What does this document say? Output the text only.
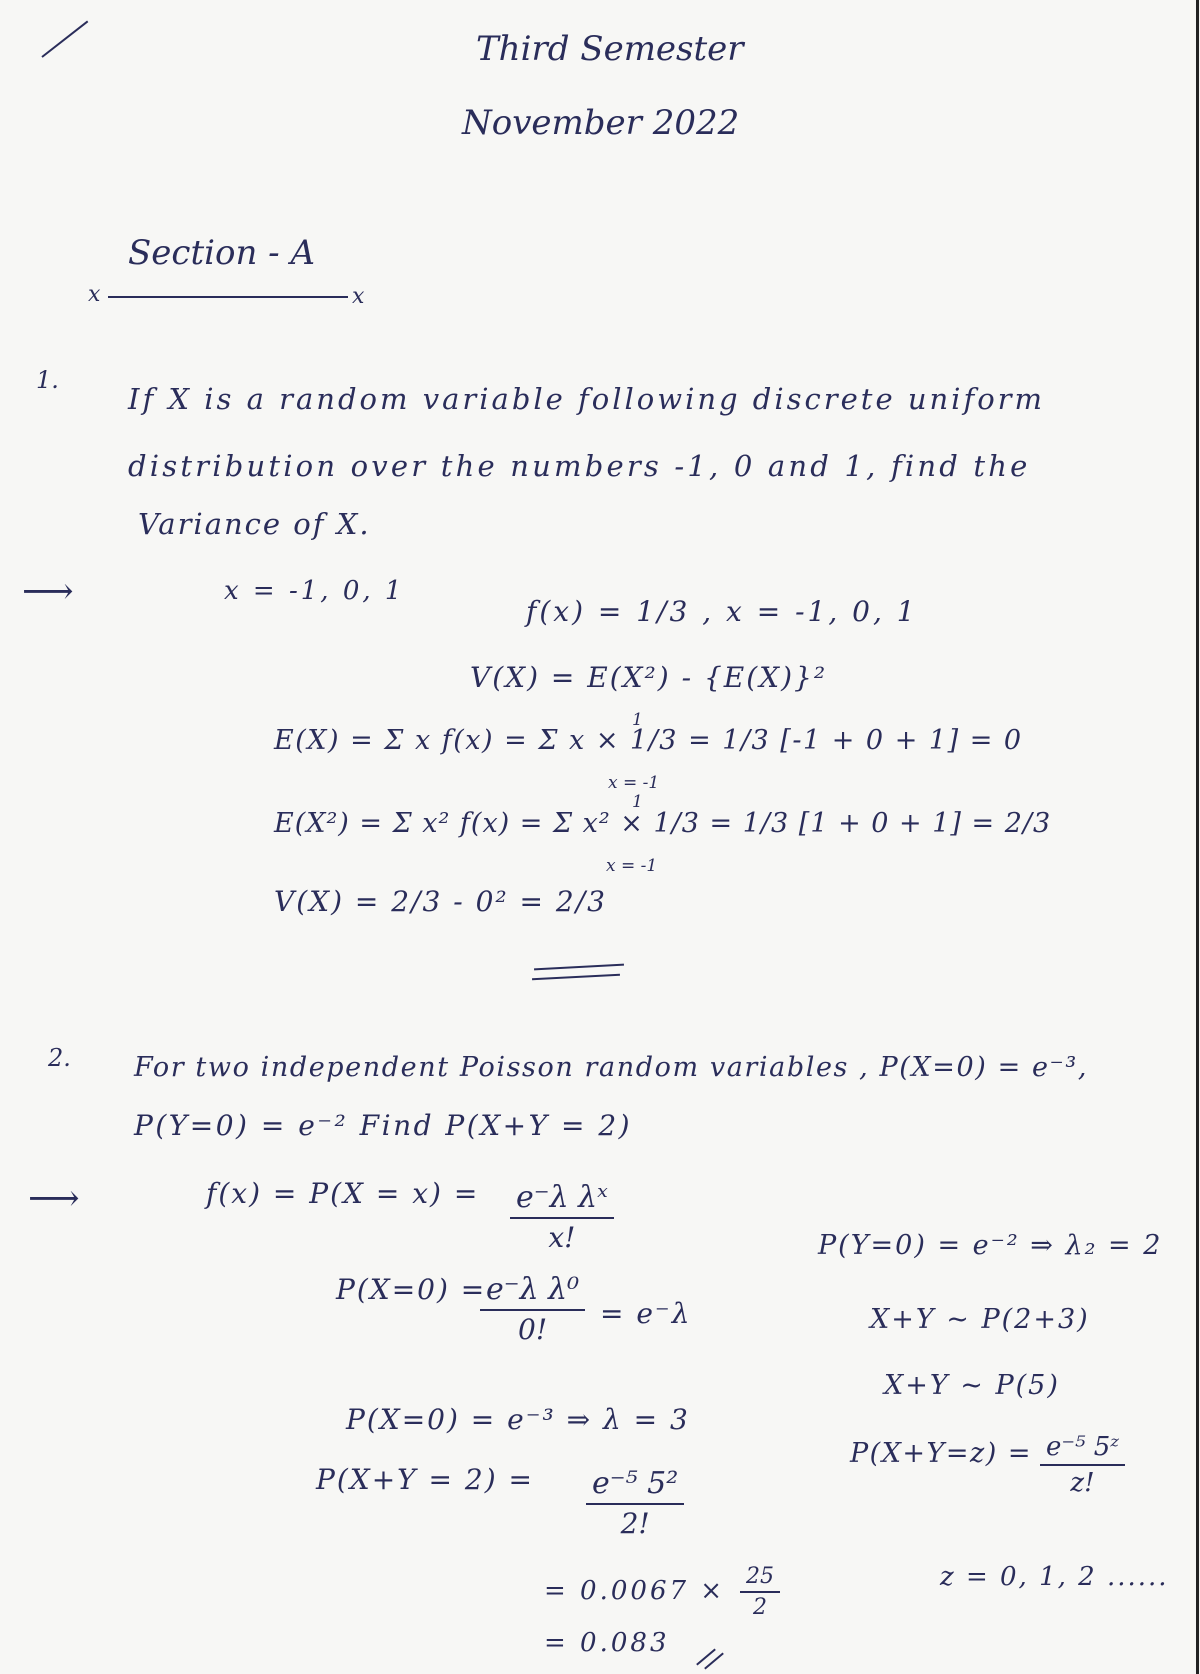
Third Semester
November 2022
Section - A
x	x
1.
If X is a random variable following discrete uniform
distribution over the numbers -1, 0 and 1, find the
Variance of X.
⟶	x = -1, 0, 1
f(x) = 1/3 , x = -1, 0, 1
V(X) = E(X²) - {E(X)}²
E(X) = Σ x f(x) = Σ x × 1/3 = 1/3 [-1 + 0 + 1] = 0
x = -1
1
E(X²) = Σ x² f(x) = Σ x² × 1/3 = 1/3 [1 + 0 + 1] = 2/3
x = -1
1
V(X) = 2/3 - 0² = 2/3
2. For two independent Poisson random variables , P(X=0) = e⁻³,
P(Y=0) = e⁻² Find P(X+Y = 2)
⟶	$f(x) = P(X = x) = \frac{\text{e⁻λ λˣ}}{x!}$
P(X=0) =
$\frac{\text{e⁻λ λ⁰}}{0!} = e^-\lambda$
P(X=0) = e⁻³ ⇒ λ = 3
$P(X+Y = 2) = \frac{\text{e⁻⁵ 5²}}{2!}$
= $0.0067 \times \frac{25}{2}$
= 0.083
P(Y=0) = e⁻² ⇒ λ₂ = 2
X+Y ~ P(2+3)
X+Y ~ P(5)
$P(X+Y=z) = \frac{\text{e⁻⁵ 5ᶻ}}{z!}$
z = 0, 1, 2 ......
